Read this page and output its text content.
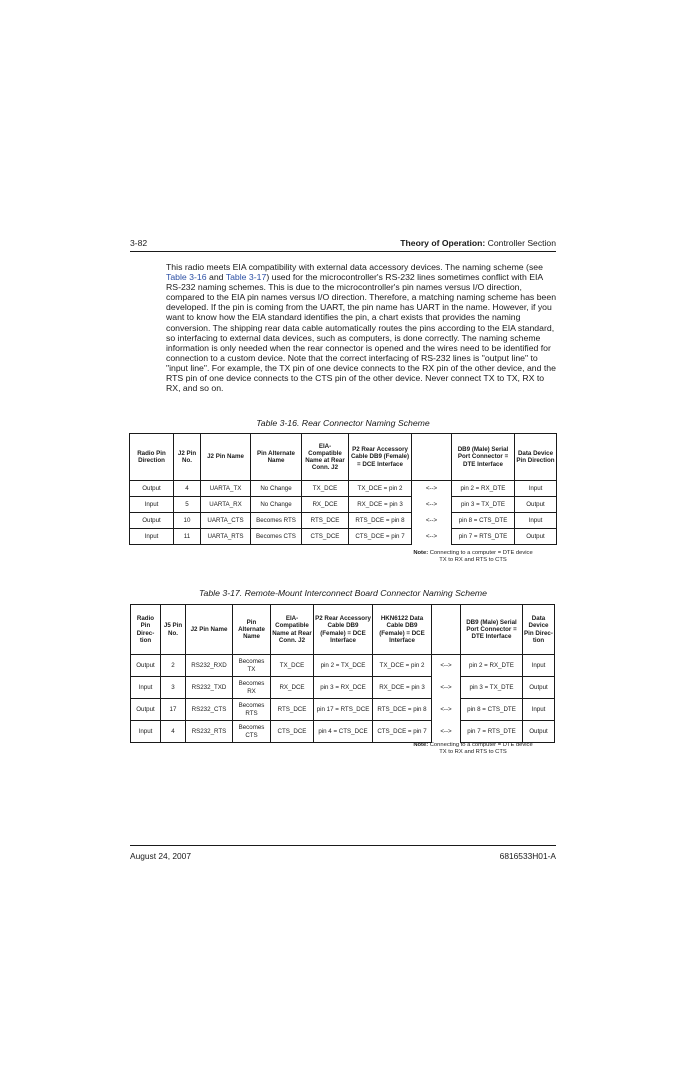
3-82	Theory of Operation: Controller Section
This radio meets EIA compatibility with external data accessory devices. The naming scheme (see Table 3-16 and Table 3-17) used for the microcontroller's RS-232 lines sometimes conflict with EIA RS-232 naming schemes. This is due to the microcontroller's pin names versus I/O direction, compared to the EIA pin names versus I/O direction. Therefore, a matching naming scheme has been developed. If the pin is coming from the UART, the pin name has UART in the name. However, if you want to know how the EIA standard identifies the pin, a chart exists that provides the naming conversion. The shipping rear data cable automatically routes the pins according to the EIA standard, so interfacing to external data devices, such as computers, is done correctly. The naming scheme information is only needed when the rear connector is opened and the wires need to be identified for connection to a custom device. Note that the correct interfacing of RS-232 lines is "output line" to "input line". For example, the TX pin of one device connects to the RX pin of the other device, and the RTS pin of one device connects to the CTS pin of the other device. Never connect TX to TX, RX to RX, and so on.
Table 3-16. Rear Connector Naming Scheme
Radio Pin Direction	J2 Pin No.	J2 Pin Name	Pin Alternate Name	EIA-Compatible Name at Rear Conn. J2	P2 Rear Accessory Cable DB9 (Female) = DCE Interface		DB9 (Male) Serial Port Connector = DTE Interface	Data Device Pin Direction
Output	4	UARTA_TX	No Change	TX_DCE	TX_DCE = pin 2	<-->	pin 2 = RX_DTE	Input
Input	5	UARTA_RX	No Change	RX_DCE	RX_DCE = pin 3	<-->	pin 3 = TX_DTE	Output
Output	10	UARTA_CTS	Becomes RTS	RTS_DCE	RTS_DCE = pin 8	<-->	pin 8 = CTS_DTE	Input
Input	11	UARTA_RTS	Becomes CTS	CTS_DCE	CTS_DCE = pin 7	<-->	pin 7 = RTS_DTE	Output
Note: Connecting to a computer = DTE device
TX to RX and RTS to CTS
Table 3-17. Remote-Mount Interconnect Board Connector Naming Scheme
Radio Pin Direc-tion	J5 Pin No.	J2 Pin Name	Pin Alternate Name	EIA-Compatible Name at Rear Conn. J2	P2 Rear Accessory Cable DB9 (Female) = DCE Interface	HKN6122 Data Cable DB9 (Female) = DCE Interface		DB9 (Male) Serial Port Connector = DTE Interface	Data Device Pin Direc-tion
Output	2	RS232_RXD	Becomes TX	TX_DCE	pin 2 = TX_DCE	TX_DCE = pin 2	<-->	pin 2 = RX_DTE	Input
Input	3	RS232_TXD	Becomes RX	RX_DCE	pin 3 = RX_DCE	RX_DCE = pin 3	<-->	pin 3 = TX_DTE	Output
Output	17	RS232_CTS	Becomes RTS	RTS_DCE	pin 17 = RTS_DCE	RTS_DCE = pin 8	<-->	pin 8 = CTS_DTE	Input
Input	4	RS232_RTS	Becomes CTS	CTS_DCE	pin 4 = CTS_DCE	CTS_DCE = pin 7	<-->	pin 7 = RTS_DTE	Output
Note: Connecting to a computer = DTE device
TX to RX and RTS to CTS
August 24, 2007	6816533H01-A
